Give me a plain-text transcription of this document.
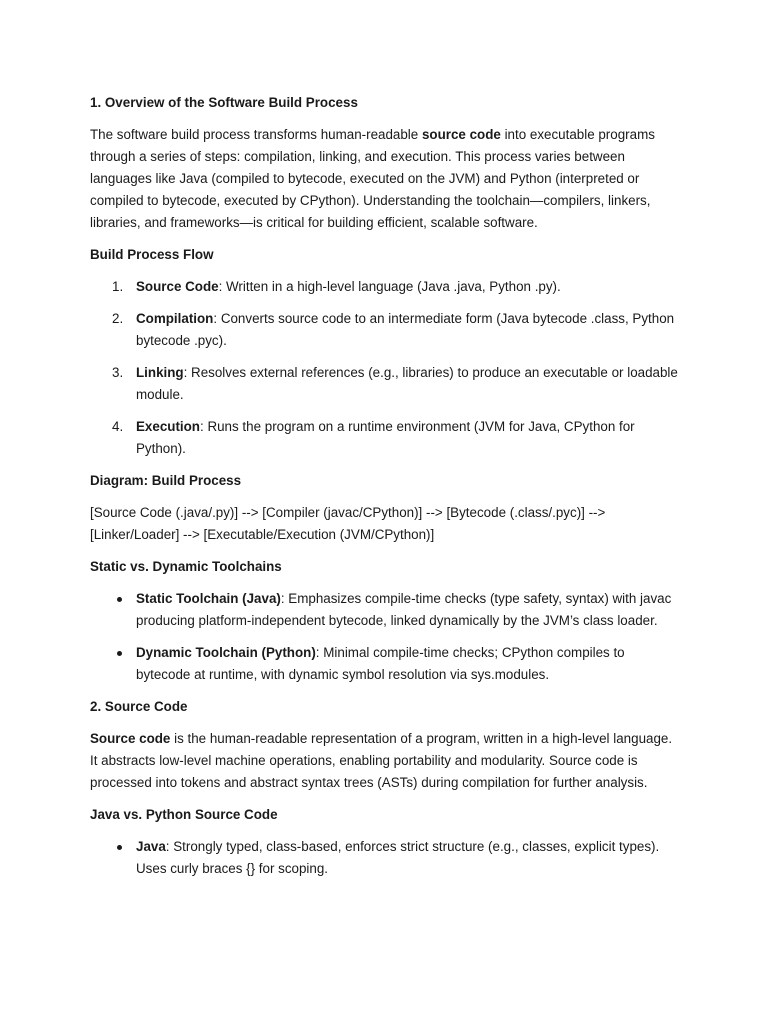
1. Overview of the Software Build Process

The software build process transforms human-readable source code into executable programs through a series of steps: compilation, linking, and execution. This process varies between languages like Java (compiled to bytecode, executed on the JVM) and Python (interpreted or compiled to bytecode, executed by CPython). Understanding the toolchain—compilers, linkers, libraries, and frameworks—is critical for building efficient, scalable software.

Build Process Flow
1. Source Code: Written in a high-level language (Java .java, Python .py).
2. Compilation: Converts source code to an intermediate form (Java bytecode .class, Python bytecode .pyc).
3. Linking: Resolves external references (e.g., libraries) to produce an executable or loadable module.
4. Execution: Runs the program on a runtime environment (JVM for Java, CPython for Python).
Diagram: Build Process

[Source Code (.java/.py)] --> [Compiler (javac/CPython)] --> [Bytecode (.class/.pyc)] --> [Linker/Loader] --> [Executable/Execution (JVM/CPython)]

Static vs. Dynamic Toolchains
Static Toolchain (Java): Emphasizes compile-time checks (type safety, syntax) with javac producing platform-independent bytecode, linked dynamically by the JVM’s class loader.
Dynamic Toolchain (Python): Minimal compile-time checks; CPython compiles to bytecode at runtime, with dynamic symbol resolution via sys.modules.
2. Source Code

Source code is the human-readable representation of a program, written in a high-level language. It abstracts low-level machine operations, enabling portability and modularity. Source code is processed into tokens and abstract syntax trees (ASTs) during compilation for further analysis.

Java vs. Python Source Code
Java: Strongly typed, class-based, enforces strict structure (e.g., classes, explicit types). Uses curly braces {} for scoping.
